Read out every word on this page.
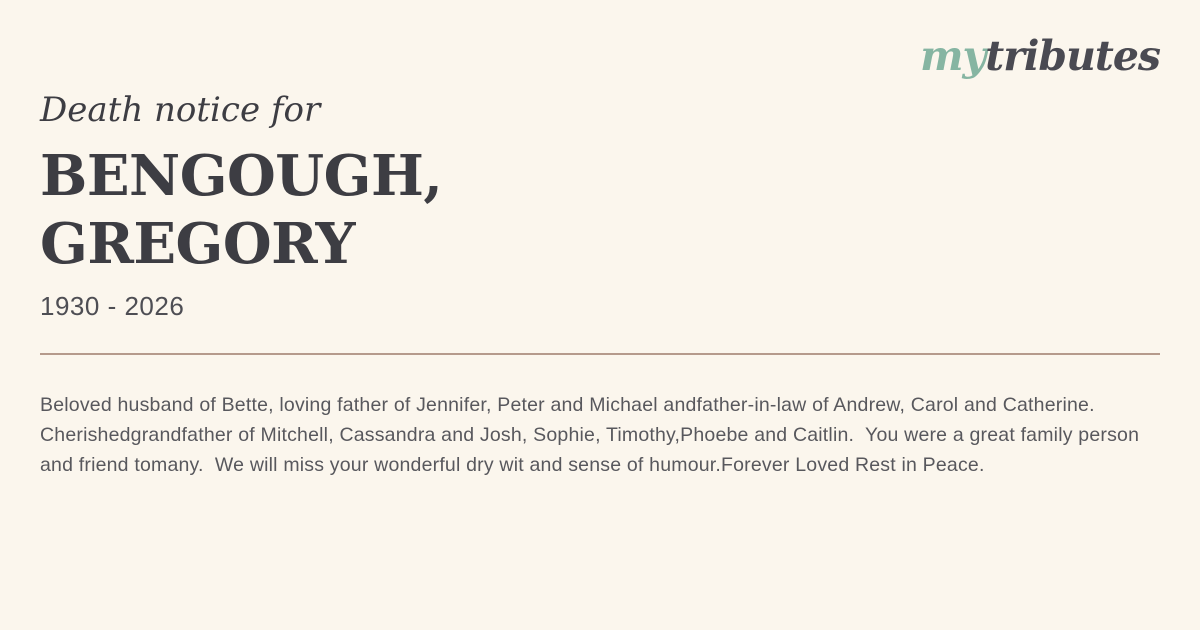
mytributes
Death notice for
BENGOUGH,
GREGORY
1930 - 2026
Beloved husband of Bette, loving father of Jennifer, Peter and Michael andfather-in-law of Andrew, Carol and Catherine.  Cherishedgrandfather of Mitchell, Cassandra and Josh, Sophie, Timothy,Phoebe and Caitlin.  You were a great family person and friend tomany.  We will miss your wonderful dry wit and sense of humour.Forever Loved Rest in Peace.
